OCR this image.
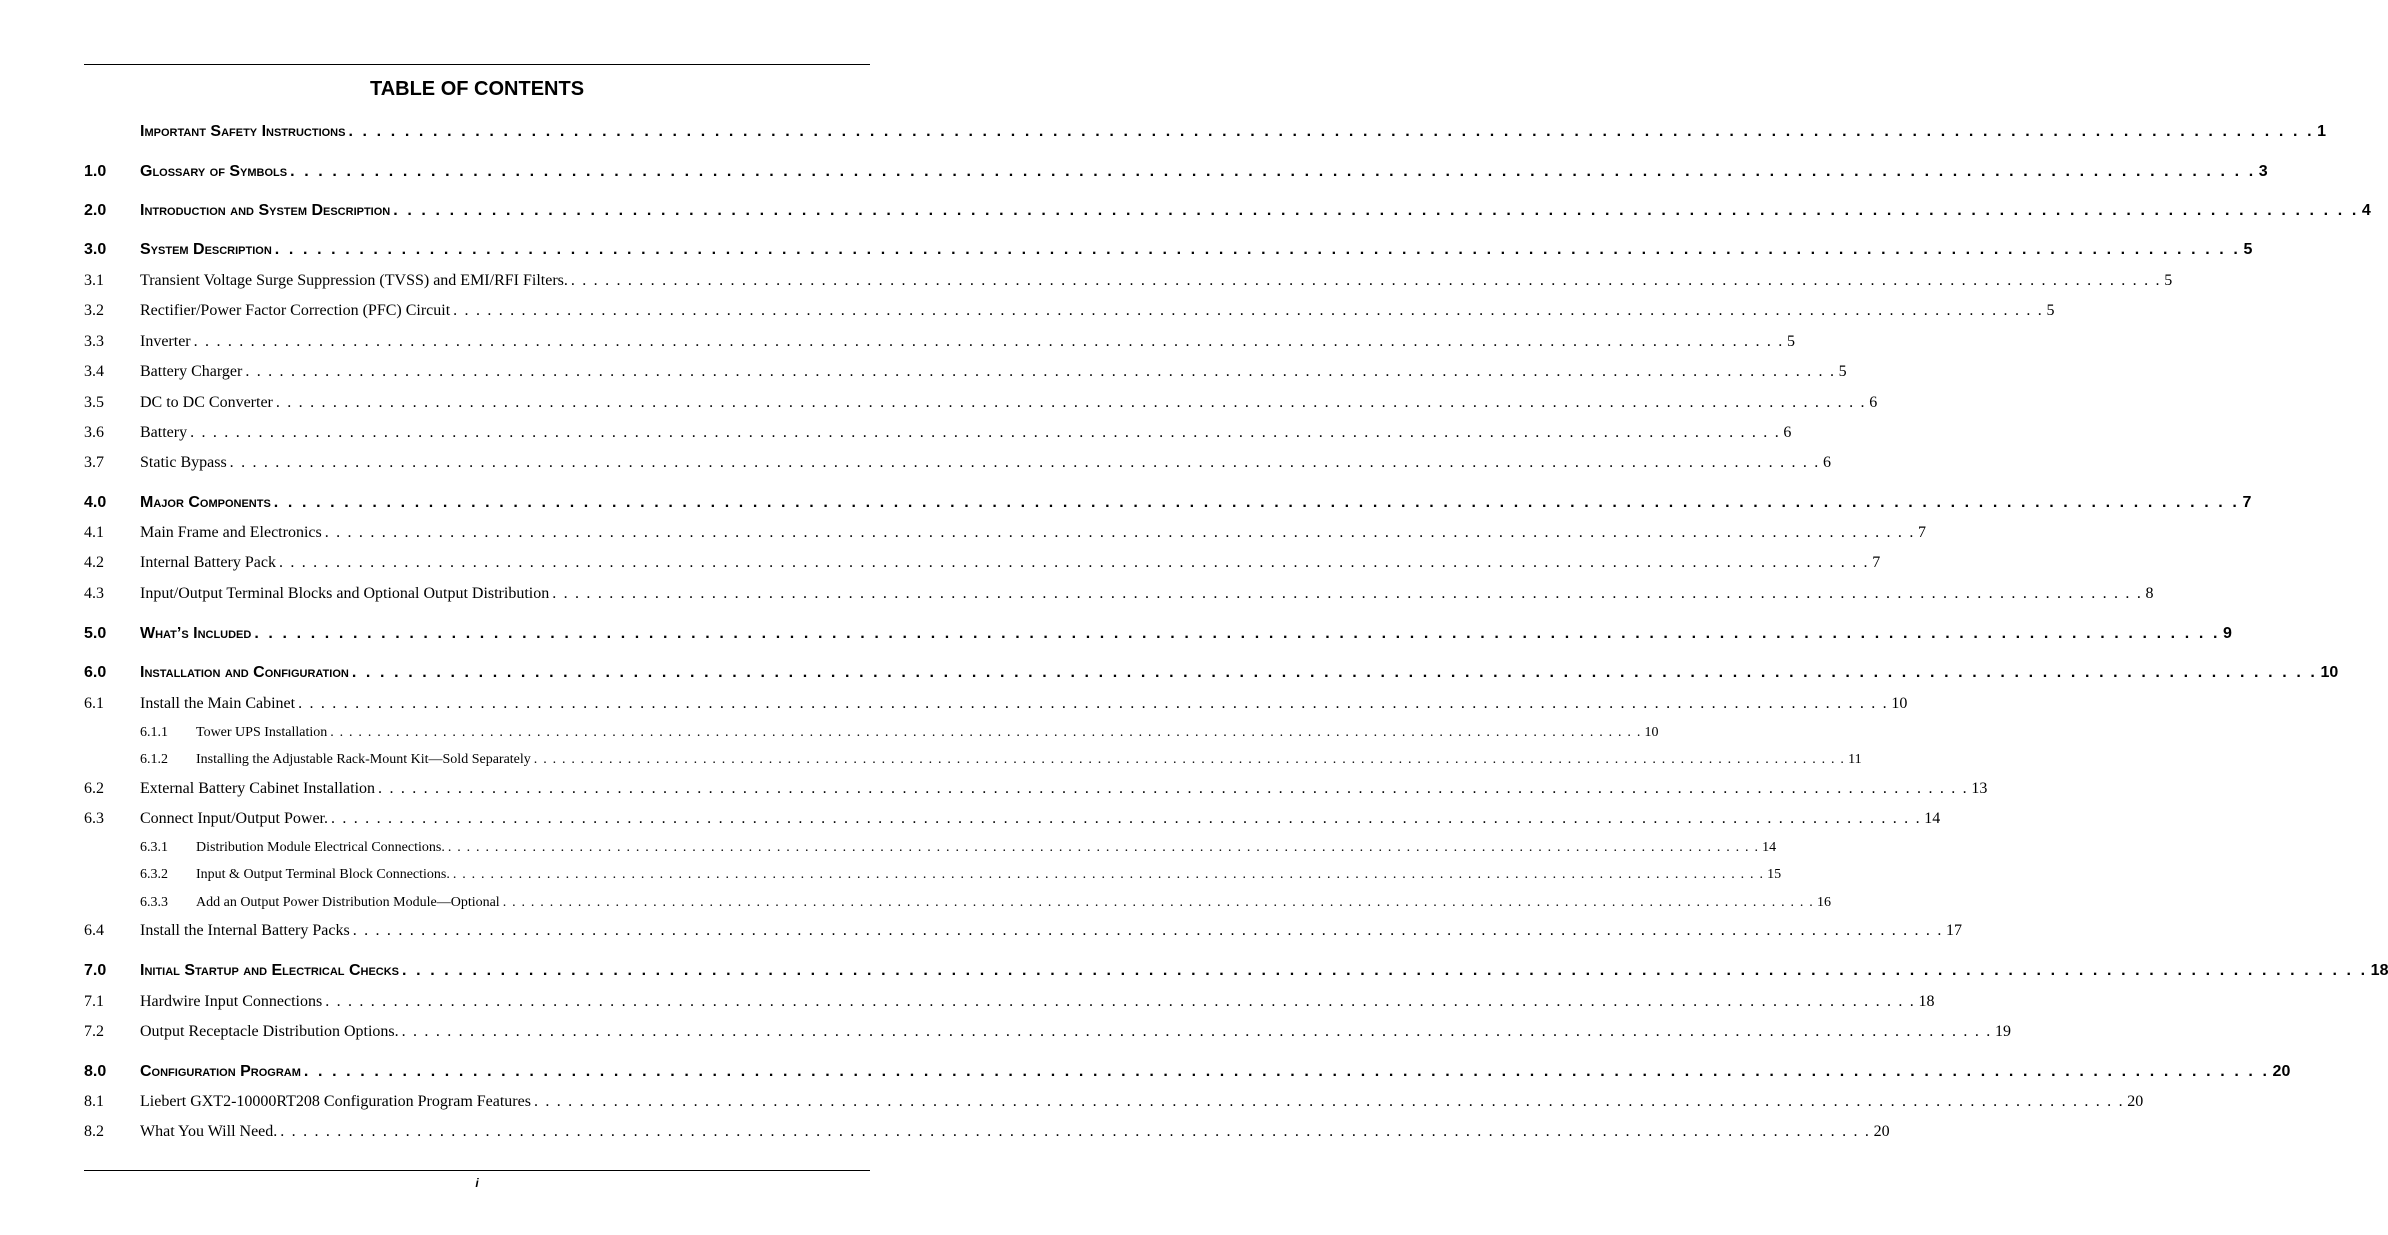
TABLE OF CONTENTS
Important Safety Instructions . . . . . . . . . . . . . . . . . . . . . . . . . . . . . . . . . . . . . . . . . . . . . . . . . . . . . . . . . . . . . . . . . . . . . . . . . . . . . . . . . . . . . . . . . . . . . . . . . . . . . . . . . . . . . . . . . . . . . . . . . . . . . . . . . . . . . . . . . . . . 1
1.0	Glossary of Symbols . . . . . . . . . . . . . . . . . . . . . . . . . . . . . . . . . . . . . . . . . . . . . . . . . . . . . . . . . . . . . . . . . . . . . . . . . . . . . . . . . . . . . . . . . . . . . . . . . . . . . . . . . . . . . . . . . . . . . . . . . . . . . . . . . . . . . . . . . . . . 3
2.0	Introduction and System Description . . . . . . . . . . . . . . . . . . . . . . . . . . . . . . . . . . . . . . . . . . . . . . . . . . . . . . . . . . . . . . . . . . . . . . . . . . . . . . . . . . . . . . . . . . . . . . . . . . . . . . . . . . . . . . . . . . . . . . . . . . . . . . . . . . . . . . . . . . . . 4
3.0	System Description . . . . . . . . . . . . . . . . . . . . . . . . . . . . . . . . . . . . . . . . . . . . . . . . . . . . . . . . . . . . . . . . . . . . . . . . . . . . . . . . . . . . . . . . . . . . . . . . . . . . . . . . . . . . . . . . . . . . . . . . . . . . . . . . . . . . . . . . . . . . 5
3.1	Transient Voltage Surge Suppression (TVSS) and EMI/RFI Filters. . . . . . . . . . . . . . . . . . . . . . . . . . . . . . . . . . . . . . . . . . . . . . . . . . . . . . . . . . . . . . . . . . . . . . . . . . . . . . . . . . . . . . . . . . . . . . . . . . . . . . . . . . . . . . . . . . . . . . . . . . . . . . . . . . . . . . . . . . . . . 5
3.2	Rectifier/Power Factor Correction (PFC) Circuit . . . . . . . . . . . . . . . . . . . . . . . . . . . . . . . . . . . . . . . . . . . . . . . . . . . . . . . . . . . . . . . . . . . . . . . . . . . . . . . . . . . . . . . . . . . . . . . . . . . . . . . . . . . . . . . . . . . . . . . . . . . . . . . . . . . . . . . . . . . . 5
3.3	Inverter . . . . . . . . . . . . . . . . . . . . . . . . . . . . . . . . . . . . . . . . . . . . . . . . . . . . . . . . . . . . . . . . . . . . . . . . . . . . . . . . . . . . . . . . . . . . . . . . . . . . . . . . . . . . . . . . . . . . . . . . . . . . . . . . . . . . . . . . . . . . 5
3.4	Battery Charger . . . . . . . . . . . . . . . . . . . . . . . . . . . . . . . . . . . . . . . . . . . . . . . . . . . . . . . . . . . . . . . . . . . . . . . . . . . . . . . . . . . . . . . . . . . . . . . . . . . . . . . . . . . . . . . . . . . . . . . . . . . . . . . . . . . . . . . . . . . . 5
3.5	DC to DC Converter . . . . . . . . . . . . . . . . . . . . . . . . . . . . . . . . . . . . . . . . . . . . . . . . . . . . . . . . . . . . . . . . . . . . . . . . . . . . . . . . . . . . . . . . . . . . . . . . . . . . . . . . . . . . . . . . . . . . . . . . . . . . . . . . . . . . . . . . . . . . 6
3.6	Battery . . . . . . . . . . . . . . . . . . . . . . . . . . . . . . . . . . . . . . . . . . . . . . . . . . . . . . . . . . . . . . . . . . . . . . . . . . . . . . . . . . . . . . . . . . . . . . . . . . . . . . . . . . . . . . . . . . . . . . . . . . . . . . . . . . . . . . . . . . . . 6
3.7	Static Bypass . . . . . . . . . . . . . . . . . . . . . . . . . . . . . . . . . . . . . . . . . . . . . . . . . . . . . . . . . . . . . . . . . . . . . . . . . . . . . . . . . . . . . . . . . . . . . . . . . . . . . . . . . . . . . . . . . . . . . . . . . . . . . . . . . . . . . . . . . . . . 6
4.0	Major Components . . . . . . . . . . . . . . . . . . . . . . . . . . . . . . . . . . . . . . . . . . . . . . . . . . . . . . . . . . . . . . . . . . . . . . . . . . . . . . . . . . . . . . . . . . . . . . . . . . . . . . . . . . . . . . . . . . . . . . . . . . . . . . . . . . . . . . . . . . . . 7
4.1	Main Frame and Electronics . . . . . . . . . . . . . . . . . . . . . . . . . . . . . . . . . . . . . . . . . . . . . . . . . . . . . . . . . . . . . . . . . . . . . . . . . . . . . . . . . . . . . . . . . . . . . . . . . . . . . . . . . . . . . . . . . . . . . . . . . . . . . . . . . . . . . . . . . . . . 7
4.2	Internal Battery Pack . . . . . . . . . . . . . . . . . . . . . . . . . . . . . . . . . . . . . . . . . . . . . . . . . . . . . . . . . . . . . . . . . . . . . . . . . . . . . . . . . . . . . . . . . . . . . . . . . . . . . . . . . . . . . . . . . . . . . . . . . . . . . . . . . . . . . . . . . . . . 7
4.3	Input/Output Terminal Blocks and Optional Output Distribution . . . . . . . . . . . . . . . . . . . . . . . . . . . . . . . . . . . . . . . . . . . . . . . . . . . . . . . . . . . . . . . . . . . . . . . . . . . . . . . . . . . . . . . . . . . . . . . . . . . . . . . . . . . . . . . . . . . . . . . . . . . . . . . . . . . . . . . . . . . . 8
5.0	What’s Included . . . . . . . . . . . . . . . . . . . . . . . . . . . . . . . . . . . . . . . . . . . . . . . . . . . . . . . . . . . . . . . . . . . . . . . . . . . . . . . . . . . . . . . . . . . . . . . . . . . . . . . . . . . . . . . . . . . . . . . . . . . . . . . . . . . . . . . . . . . . 9
6.0	Installation and Configuration . . . . . . . . . . . . . . . . . . . . . . . . . . . . . . . . . . . . . . . . . . . . . . . . . . . . . . . . . . . . . . . . . . . . . . . . . . . . . . . . . . . . . . . . . . . . . . . . . . . . . . . . . . . . . . . . . . . . . . . . . . . . . . . . . . . . . . . . . . . . 10
6.1	Install the Main Cabinet . . . . . . . . . . . . . . . . . . . . . . . . . . . . . . . . . . . . . . . . . . . . . . . . . . . . . . . . . . . . . . . . . . . . . . . . . . . . . . . . . . . . . . . . . . . . . . . . . . . . . . . . . . . . . . . . . . . . . . . . . . . . . . . . . . . . . . . . . . . . 10
6.1.1	Tower UPS Installation . . . . . . . . . . . . . . . . . . . . . . . . . . . . . . . . . . . . . . . . . . . . . . . . . . . . . . . . . . . . . . . . . . . . . . . . . . . . . . . . . . . . . . . . . . . . . . . . . . . . . . . . . . . . . . . . . . . . . . . . . . . . . . . . . . . . . . . . . . . . 10
6.1.2	Installing the Adjustable Rack-Mount Kit—Sold Separately . . . . . . . . . . . . . . . . . . . . . . . . . . . . . . . . . . . . . . . . . . . . . . . . . . . . . . . . . . . . . . . . . . . . . . . . . . . . . . . . . . . . . . . . . . . . . . . . . . . . . . . . . . . . . . . . . . . . . . . . . . . . . . . . . . . . . . . . . . . . 11
6.2	External Battery Cabinet Installation . . . . . . . . . . . . . . . . . . . . . . . . . . . . . . . . . . . . . . . . . . . . . . . . . . . . . . . . . . . . . . . . . . . . . . . . . . . . . . . . . . . . . . . . . . . . . . . . . . . . . . . . . . . . . . . . . . . . . . . . . . . . . . . . . . . . . . . . . . . . 13
6.3	Connect Input/Output Power. . . . . . . . . . . . . . . . . . . . . . . . . . . . . . . . . . . . . . . . . . . . . . . . . . . . . . . . . . . . . . . . . . . . . . . . . . . . . . . . . . . . . . . . . . . . . . . . . . . . . . . . . . . . . . . . . . . . . . . . . . . . . . . . . . . . . . . . . . . . . 14
6.3.1	Distribution Module Electrical Connections. . . . . . . . . . . . . . . . . . . . . . . . . . . . . . . . . . . . . . . . . . . . . . . . . . . . . . . . . . . . . . . . . . . . . . . . . . . . . . . . . . . . . . . . . . . . . . . . . . . . . . . . . . . . . . . . . . . . . . . . . . . . . . . . . . . . . . . . . . . . . 14
6.3.2	Input & Output Terminal Block Connections. . . . . . . . . . . . . . . . . . . . . . . . . . . . . . . . . . . . . . . . . . . . . . . . . . . . . . . . . . . . . . . . . . . . . . . . . . . . . . . . . . . . . . . . . . . . . . . . . . . . . . . . . . . . . . . . . . . . . . . . . . . . . . . . . . . . . . . . . . . . . 15
6.3.3	Add an Output Power Distribution Module—Optional . . . . . . . . . . . . . . . . . . . . . . . . . . . . . . . . . . . . . . . . . . . . . . . . . . . . . . . . . . . . . . . . . . . . . . . . . . . . . . . . . . . . . . . . . . . . . . . . . . . . . . . . . . . . . . . . . . . . . . . . . . . . . . . . . . . . . . . . . . . . 16
6.4	Install the Internal Battery Packs . . . . . . . . . . . . . . . . . . . . . . . . . . . . . . . . . . . . . . . . . . . . . . . . . . . . . . . . . . . . . . . . . . . . . . . . . . . . . . . . . . . . . . . . . . . . . . . . . . . . . . . . . . . . . . . . . . . . . . . . . . . . . . . . . . . . . . . . . . . . 17
7.0	Initial Startup and Electrical Checks . . . . . . . . . . . . . . . . . . . . . . . . . . . . . . . . . . . . . . . . . . . . . . . . . . . . . . . . . . . . . . . . . . . . . . . . . . . . . . . . . . . . . . . . . . . . . . . . . . . . . . . . . . . . . . . . . . . . . . . . . . . . . . . . . . . . . . . . . . . . 18
7.1	Hardwire Input Connections . . . . . . . . . . . . . . . . . . . . . . . . . . . . . . . . . . . . . . . . . . . . . . . . . . . . . . . . . . . . . . . . . . . . . . . . . . . . . . . . . . . . . . . . . . . . . . . . . . . . . . . . . . . . . . . . . . . . . . . . . . . . . . . . . . . . . . . . . . . . 18
7.2	Output Receptacle Distribution Options. . . . . . . . . . . . . . . . . . . . . . . . . . . . . . . . . . . . . . . . . . . . . . . . . . . . . . . . . . . . . . . . . . . . . . . . . . . . . . . . . . . . . . . . . . . . . . . . . . . . . . . . . . . . . . . . . . . . . . . . . . . . . . . . . . . . . . . . . . . . . 19
8.0	Configuration Program . . . . . . . . . . . . . . . . . . . . . . . . . . . . . . . . . . . . . . . . . . . . . . . . . . . . . . . . . . . . . . . . . . . . . . . . . . . . . . . . . . . . . . . . . . . . . . . . . . . . . . . . . . . . . . . . . . . . . . . . . . . . . . . . . . . . . . . . . . . . 20
8.1	Liebert GXT2-10000RT208 Configuration Program Features . . . . . . . . . . . . . . . . . . . . . . . . . . . . . . . . . . . . . . . . . . . . . . . . . . . . . . . . . . . . . . . . . . . . . . . . . . . . . . . . . . . . . . . . . . . . . . . . . . . . . . . . . . . . . . . . . . . . . . . . . . . . . . . . . . . . . . . . . . . . 20
8.2	What You Will Need. . . . . . . . . . . . . . . . . . . . . . . . . . . . . . . . . . . . . . . . . . . . . . . . . . . . . . . . . . . . . . . . . . . . . . . . . . . . . . . . . . . . . . . . . . . . . . . . . . . . . . . . . . . . . . . . . . . . . . . . . . . . . . . . . . . . . . . . . . . . . 20
i
